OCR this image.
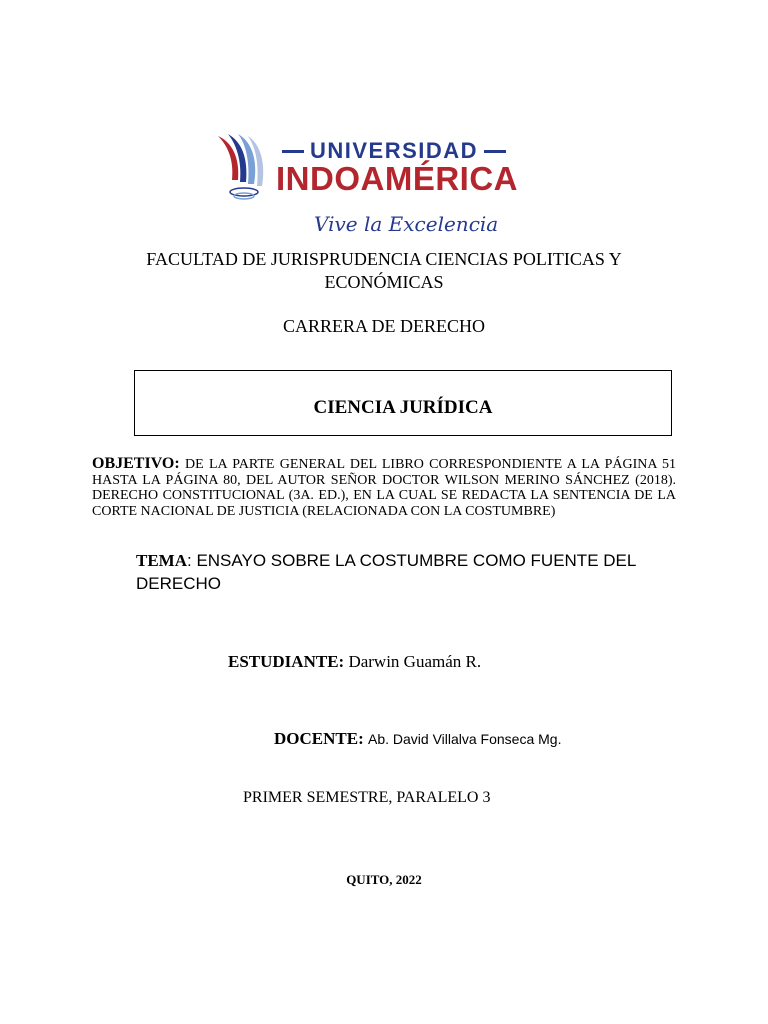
UNIVERSIDAD
INDOAMÉRICA
Vive la Excelencia
FACULTAD DE JURISPRUDENCIA CIENCIAS POLITICAS Y ECONÓMICAS
CARRERA DE DERECHO
CIENCIA JURÍDICA
OBJETIVO: DE LA PARTE GENERAL DEL LIBRO CORRESPONDIENTE A LA PÁGINA 51 HASTA LA PÁGINA 80, DEL AUTOR SEÑOR DOCTOR WILSON MERINO SÁNCHEZ (2018). DERECHO CONSTITUCIONAL (3A. ED.), EN LA CUAL SE REDACTA LA SENTENCIA DE LA CORTE NACIONAL DE JUSTICIA (RELACIONADA CON LA COSTUMBRE)
TEMA: ENSAYO SOBRE LA COSTUMBRE COMO FUENTE DEL DERECHO
ESTUDIANTE: Darwin Guamán R.
DOCENTE: Ab. David Villalva Fonseca Mg.
PRIMER SEMESTRE, PARALELO 3
QUITO, 2022
